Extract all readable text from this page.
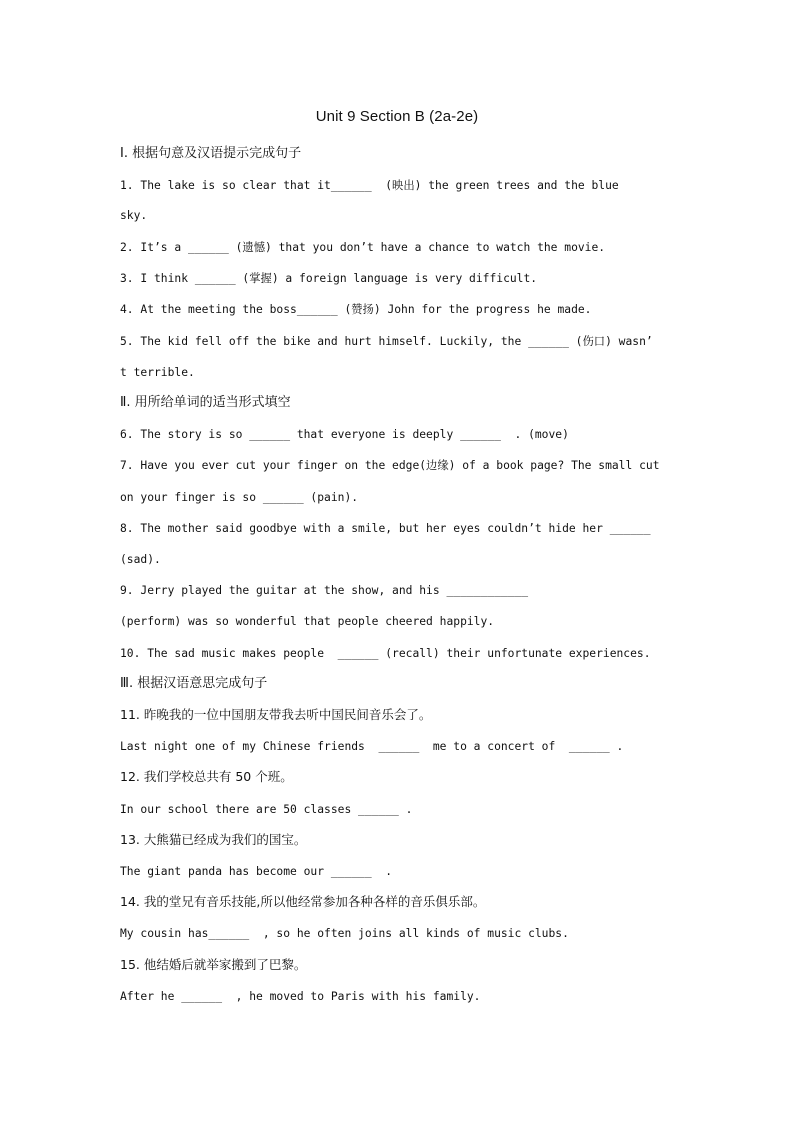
Unit 9 Section B (2a-2e)
Ⅰ. 根据句意及汉语提示完成句子
1. The lake is so clear that it______  (映出) the green trees and the blue
sky.
2. It’s a ______ (遗憾) that you don’t have a chance to watch the movie.
3. I think ______ (掌握) a foreign language is very difficult.
4. At the meeting the boss______ (赞扬) John for the progress he made.
5. The kid fell off the bike and hurt himself. Luckily, the ______ (伤口) wasn’
t terrible.
Ⅱ. 用所给单词的适当形式填空
6. The story is so ______ that everyone is deeply ______  . (move)
7. Have you ever cut your finger on the edge(边缘) of a book page? The small cut
on your finger is so ______ (pain).
8. The mother said goodbye with a smile, but her eyes couldn’t hide her ______
(sad).
9. Jerry played the guitar at the show, and his ____________
(perform) was so wonderful that people cheered happily.
10. The sad music makes people  ______ (recall) their unfortunate experiences.
Ⅲ. 根据汉语意思完成句子
11. 昨晚我的一位中国朋友带我去听中国民间音乐会了。
Last night one of my Chinese friends  ______  me to a concert of  ______ .
12. 我们学校总共有 50 个班。
In our school there are 50 classes ______ .
13. 大熊猫已经成为我们的国宝。
The giant panda has become our ______  .
14. 我的堂兄有音乐技能,所以他经常参加各种各样的音乐俱乐部。
My cousin has______  , so he often joins all kinds of music clubs.
15. 他结婚后就举家搬到了巴黎。
After he ______  , he moved to Paris with his family.
